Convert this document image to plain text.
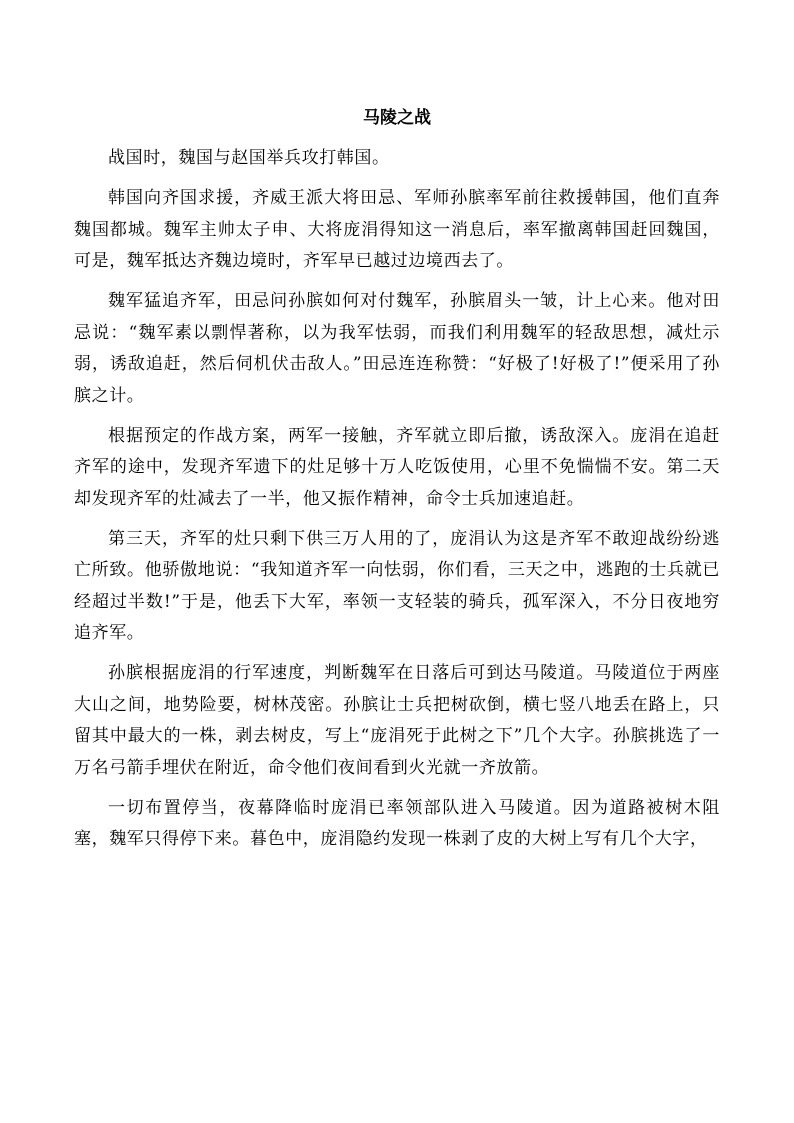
马陵之战

战国时，魏国与赵国举兵攻打韩国。

韩国向齐国求援，齐威王派大将田忌、军师孙膑率军前往救援韩国，他们直奔魏国都城。魏军主帅太子申、大将庞涓得知这一消息后，率军撤离韩国赶回魏国，可是，魏军抵达齐魏边境时，齐军早已越过边境西去了。

魏军猛追齐军，田忌问孙膑如何对付魏军，孙膑眉头一皱，计上心来。他对田忌说：“魏军素以剽悍著称，以为我军怯弱，而我们利用魏军的轻敌思想，减灶示弱，诱敌追赶，然后伺机伏击敌人。”田忌连连称赞：“好极了!好极了!”便采用了孙膑之计。

根据预定的作战方案，两军一接触，齐军就立即后撤，诱敌深入。庞涓在追赶齐军的途中，发现齐军遗下的灶足够十万人吃饭使用，心里不免惴惴不安。第二天却发现齐军的灶减去了一半，他又振作精神，命令士兵加速追赶。

第三天，齐军的灶只剩下供三万人用的了，庞涓认为这是齐军不敢迎战纷纷逃亡所致。他骄傲地说：“我知道齐军一向怯弱，你们看，三天之中，逃跑的士兵就已经超过半数!”于是，他丢下大军，率领一支轻装的骑兵，孤军深入，不分日夜地穷追齐军。

孙膑根据庞涓的行军速度，判断魏军在日落后可到达马陵道。马陵道位于两座大山之间，地势险要，树林茂密。孙膑让士兵把树砍倒，横七竖八地丢在路上，只留其中最大的一株，剥去树皮，写上“庞涓死于此树之下”几个大字。孙膑挑选了一万名弓箭手埋伏在附近，命令他们夜间看到火光就一齐放箭。

一切布置停当，夜幕降临时庞涓已率领部队进入马陵道。因为道路被树木阻塞，魏军只得停下来。暮色中，庞涓隐约发现一株剥了皮的大树上写有几个大字，
